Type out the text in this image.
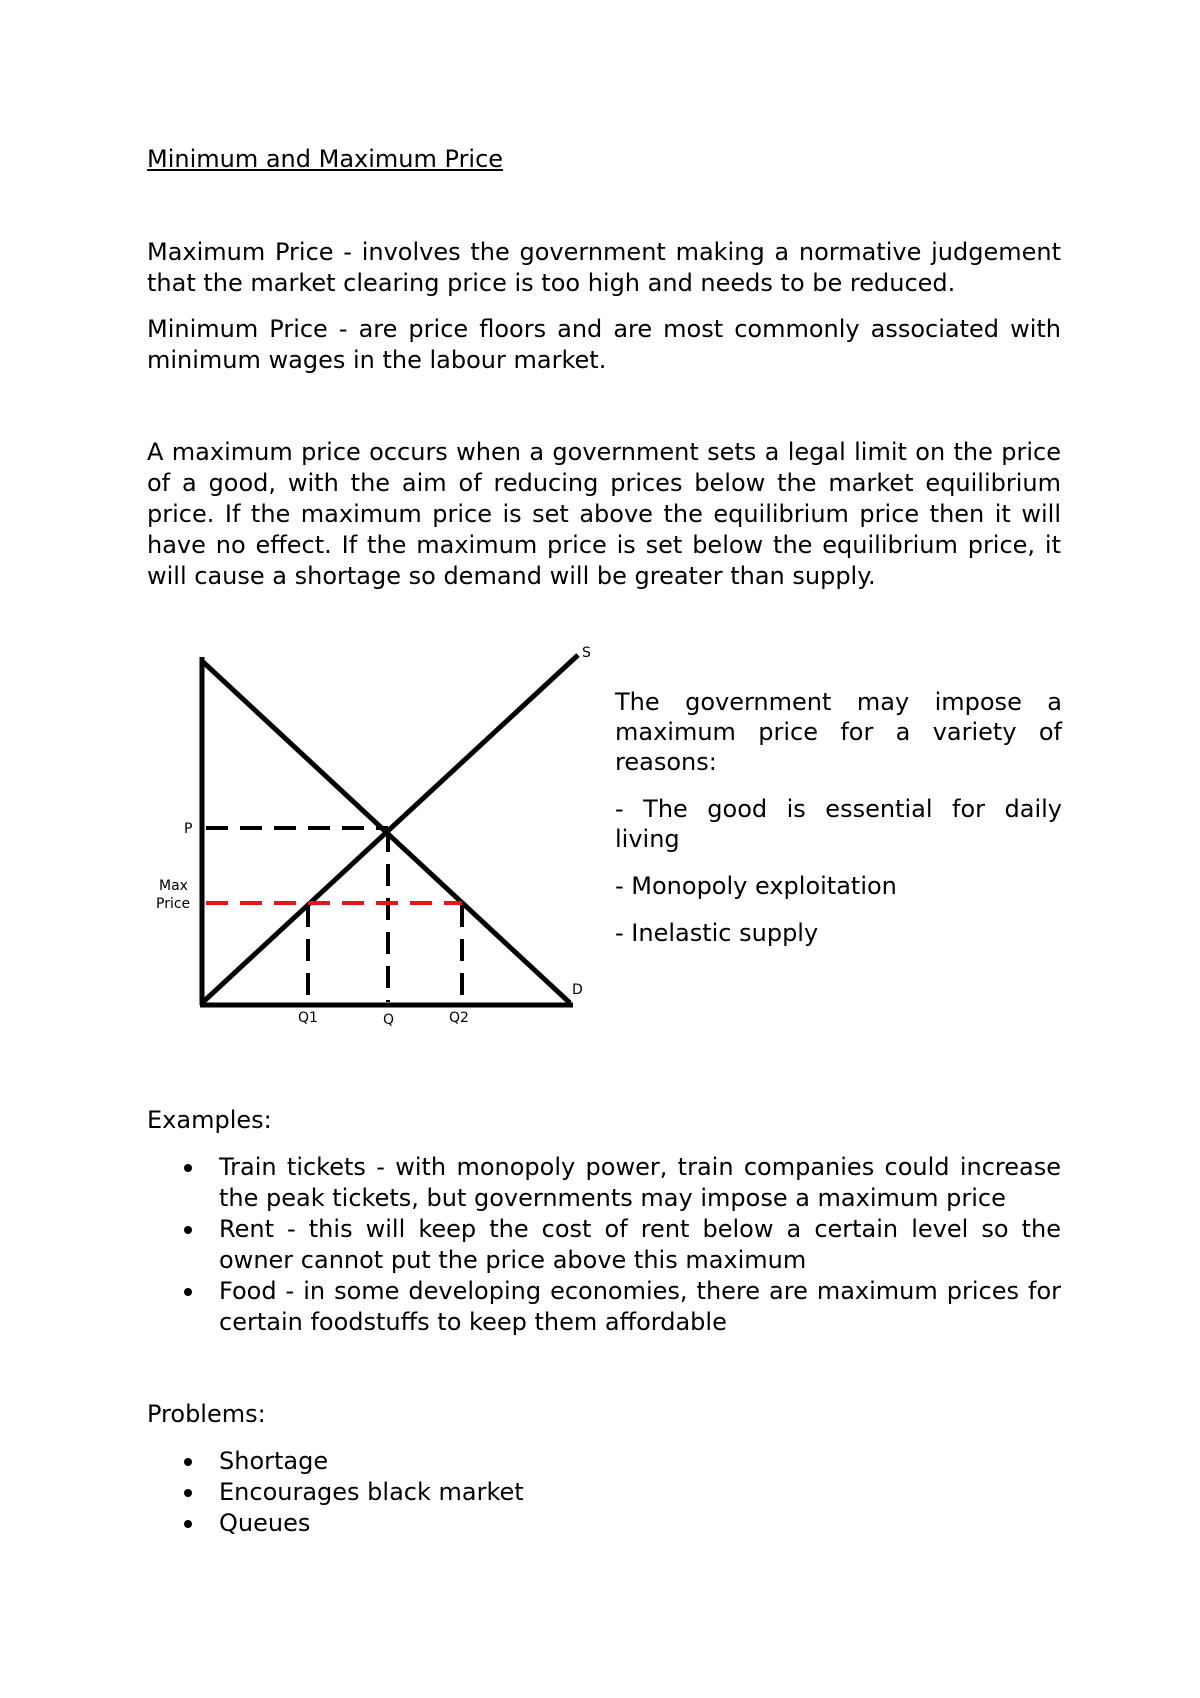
Minimum and Maximum Price

Maximum Price - involves the government making a normative judgement that the market clearing price is too high and needs to be reduced.

Minimum Price - are price floors and are most commonly associated with minimum wages in the labour market.

A maximum price occurs when a government sets a legal limit on the price of a good, with the aim of reducing prices below the market equilibrium price. If the maximum price is set above the equilibrium price then it will have no effect. If the maximum price is set below the equilibrium price, it will cause a shortage so demand will be greater than supply.

S
D
P
Max
Price
Q1	Q	Q2

The government may impose a maximum price for a variety of reasons:

- The good is essential for daily living
- Monopoly exploitation
- Inelastic supply
Examples:
Train tickets - with monopoly power, train companies could increase the peak tickets, but governments may impose a maximum price
Rent - this will keep the cost of rent below a certain level so the owner cannot put the price above this maximum
Food - in some developing economies, there are maximum prices for certain foodstuffs to keep them affordable
Problems:
Shortage
Encourages black market
Queues
